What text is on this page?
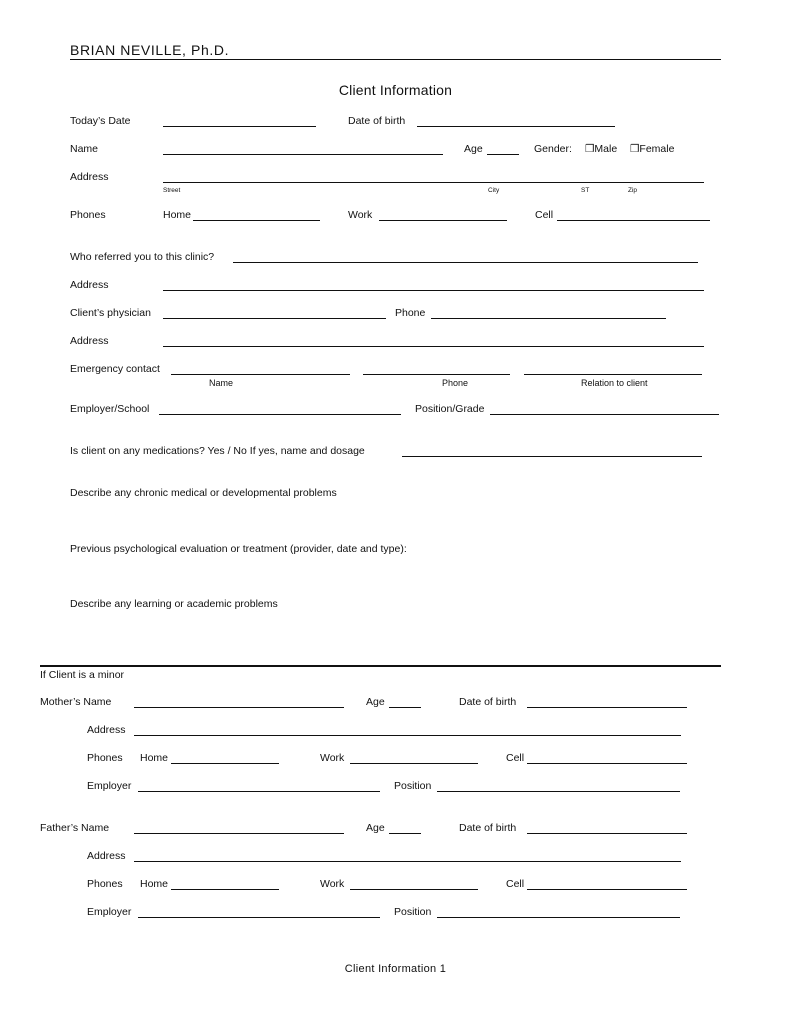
BRIAN NEVILLE, Ph.D.
Client Information
Today’s Date	Date of birth
Name	Age	Gender: ❒Male ❒Female
Address
Street	City	ST	Zip
Phones	Home	Work	Cell
Who referred you to this clinic?
Address
Client’s physician	Phone
Address
Emergency contact
Name	Phone	Relation to client
Employer/School	Position/Grade
Is client on any medications? Yes / No If yes, name and dosage
Describe any chronic medical or developmental problems
Previous psychological evaluation or treatment (provider, date and type):
Describe any learning or academic problems
If Client is a minor
Mother’s Name	Age	Date of birth
Address
Phones Home	Work	Cell
Employer	Position
Father’s Name	Age	Date of birth
Address
Phones Home	Work	Cell
Employer	Position
Client Information 1
